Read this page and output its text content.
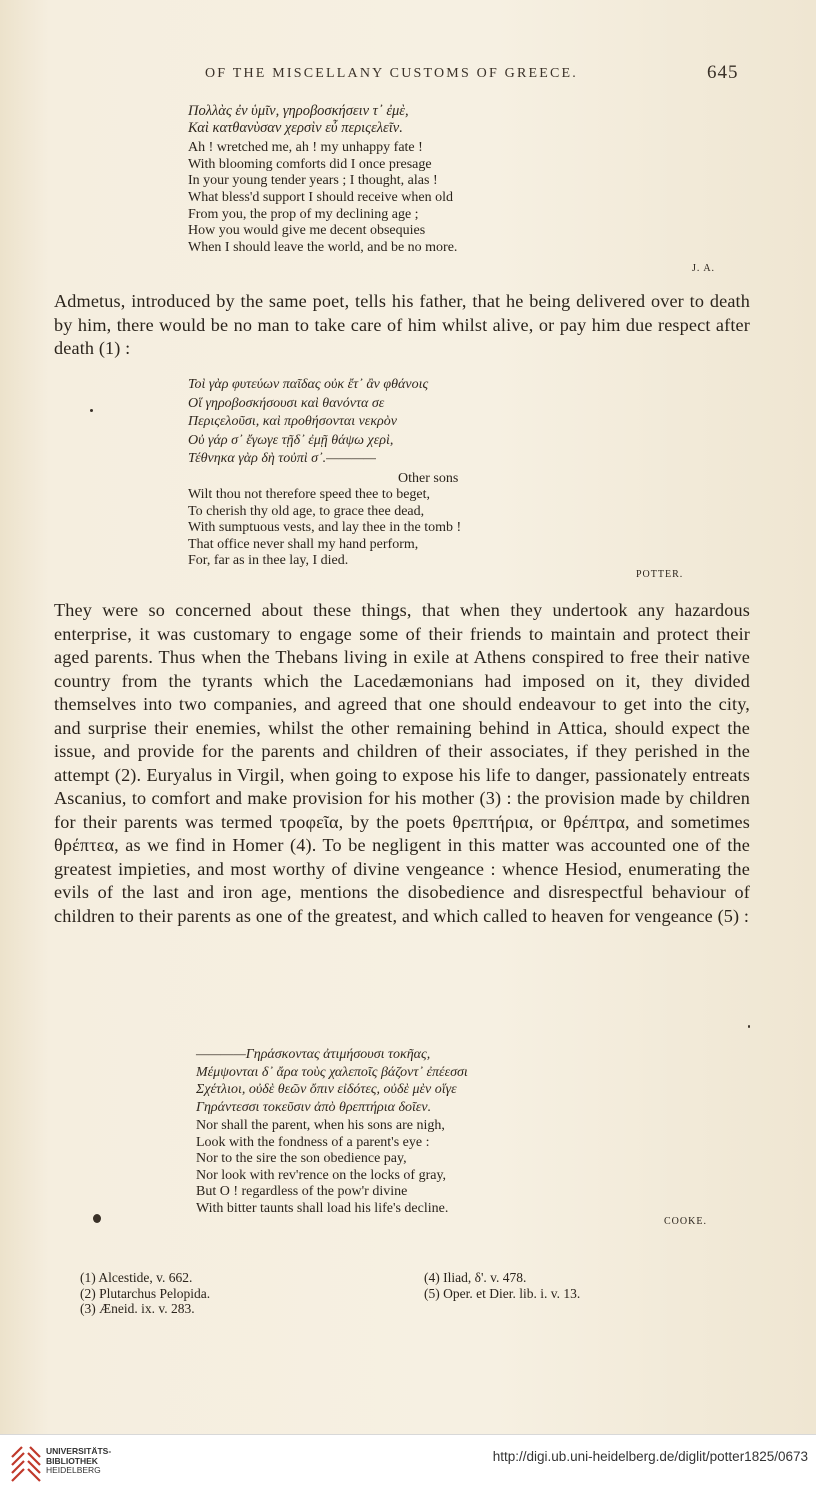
OF THE MISCELLANY CUSTOMS OF GREECE.	645
Πολλὰς ἐν ὑμῖν, γηροβοσκήσειν τ᾽ ἐμὲ,
Καὶ κατθανὺσαν χερσὶν εὖ περιςελεῖν.
Ah ! wretched me, ah ! my unhappy fate !
With blooming comforts did I once presage
In your young tender years ; I thought, alas !
What bless'd support I should receive when old
From you, the prop of my declining age ;
How you would give me decent obsequies
When I should leave the world, and be no more.
J. A.
Admetus, introduced by the same poet, tells his father, that he being delivered over to death by him, there would be no man to take care of him whilst alive, or pay him due respect after death (1) :
Τοὶ γὰρ φυτεύων παῖδας οὐκ ἔτ᾽ ἂν φθάνοις
Οἵ γηροβοσκήσουσι καὶ θανόντα σε
Περιςελοῦσι, καὶ προθήσονται νεκρὸν
Οὐ γάρ σ᾽ ἔγωγε τῇδ᾽ ἐμῇ θάψω χερὶ,
Τέθνηκα γὰρ δὴ τοὐπὶ σ᾽.————
Other sons
Wilt thou not therefore speed thee to beget,
To cherish thy old age, to grace thee dead,
With sumptuous vests, and lay thee in the tomb !
That office never shall my hand perform,
For, far as in thee lay, I died.
POTTER.
They were so concerned about these things, that when they undertook any hazardous enterprise, it was customary to engage some of their friends to maintain and protect their aged parents. Thus when the Thebans living in exile at Athens conspired to free their native country from the tyrants which the Lacedæmonians had imposed on it, they divided themselves into two companies, and agreed that one should endeavour to get into the city, and surprise their enemies, whilst the other remaining behind in Attica, should expect the issue, and provide for the parents and children of their associates, if they perished in the attempt (2). Euryalus in Virgil, when going to expose his life to danger, passionately entreats Ascanius, to comfort and make provision for his mother (3) : the provision made by children for their parents was termed τροφεῖα, by the poets θρεπτήρια, or θρέπτρα, and sometimes θρέπτεα, as we find in Homer (4). To be negligent in this matter was accounted one of the greatest impieties, and most worthy of divine vengeance : whence Hesiod, enumerating the evils of the last and iron age, mentions the disobedience and disrespectful behaviour of children to their parents as one of the greatest, and which called to heaven for vengeance (5) :
————Γηράσκοντας ἀτιμήσουσι τοκῆας,
Μέμψονται δ᾽ ἄρα τοὺς χαλεποῖς βάζοντ᾽ ἐπέεσσι
Σχέτλιοι, οὐδὲ θεῶν ὄπιν εἰδότες, οὐδὲ μὲν οἵγε
Γηράντεσσι τοκεῦσιν ἀπὸ θρεπτήρια δοῖεν.
Nor shall the parent, when his sons are nigh,
Look with the fondness of a parent's eye :
Nor to the sire the son obedience pay,
Nor look with rev'rence on the locks of gray,
But O ! regardless of the pow'r divine
With bitter taunts shall load his life's decline.
COOKE.
(1) Alcestide, v. 662.
(2) Plutarchus Pelopida.
(3) Æneid. ix. v. 283.
(4) Iliad, δ'. v. 478.
(5) Oper. et Dier. lib. i. v. 13.
UNIVERSITÄTS-
BIBLIOTHEK
HEIDELBERG
http://digi.ub.uni-heidelberg.de/diglit/potter1825/0673
